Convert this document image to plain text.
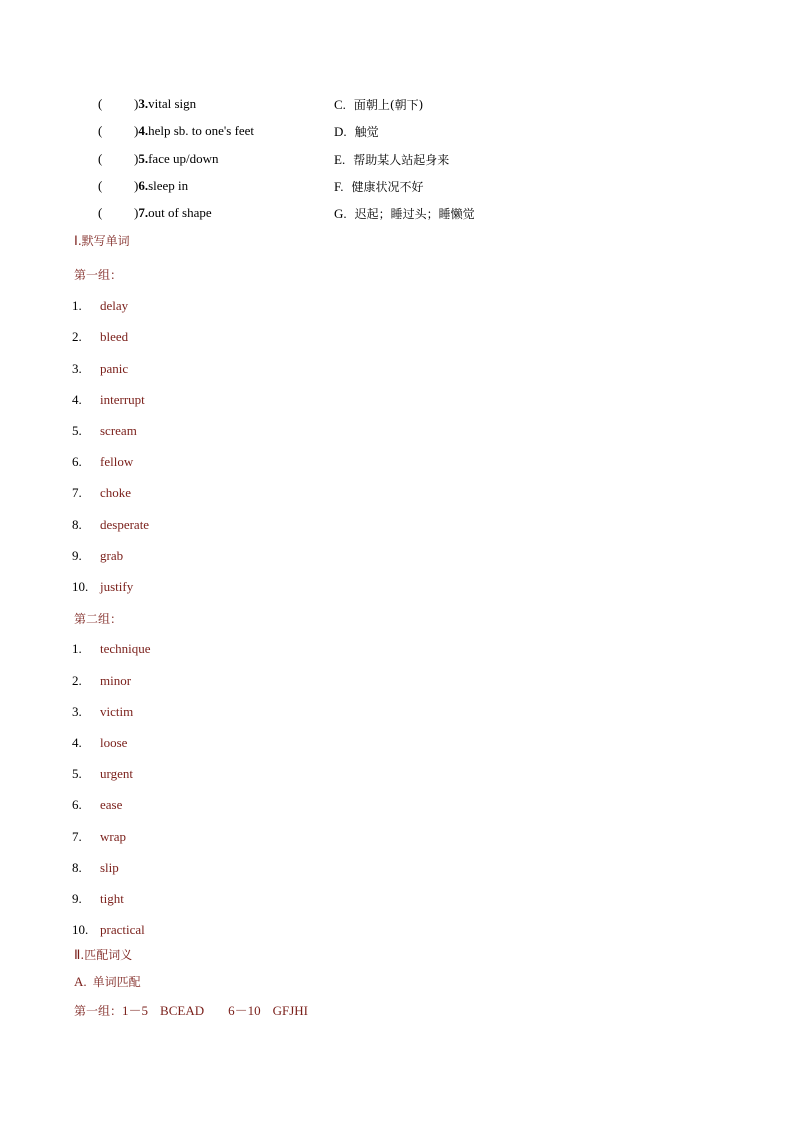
(	)3.vital sign	C. 面朝上(朝下)
( )4.help sb. to one's feet	D. 触觉
( )5.face up/down	E. 帮助某人站起身来
( )6.sleep in	F. 健康状况不好
( )7.out of shape	G. 迟起；睡过头；睡懒觉
Ⅰ.默写单词
第一组：
1.	delay
2.	bleed
3.	panic
4.	interrupt
5.	scream
6.	fellow
7.	choke
8.	desperate
9.	grab
10. justify
第二组：
1.	technique
2.	minor
3.	victim
4.	loose
5.	urgent
6.	ease
7.	wrap
8.	slip
9.	tight
10. practical
Ⅱ.匹配词义
A. 单词匹配
第一组：1－5 BCEAD 6－10 GFJHI
